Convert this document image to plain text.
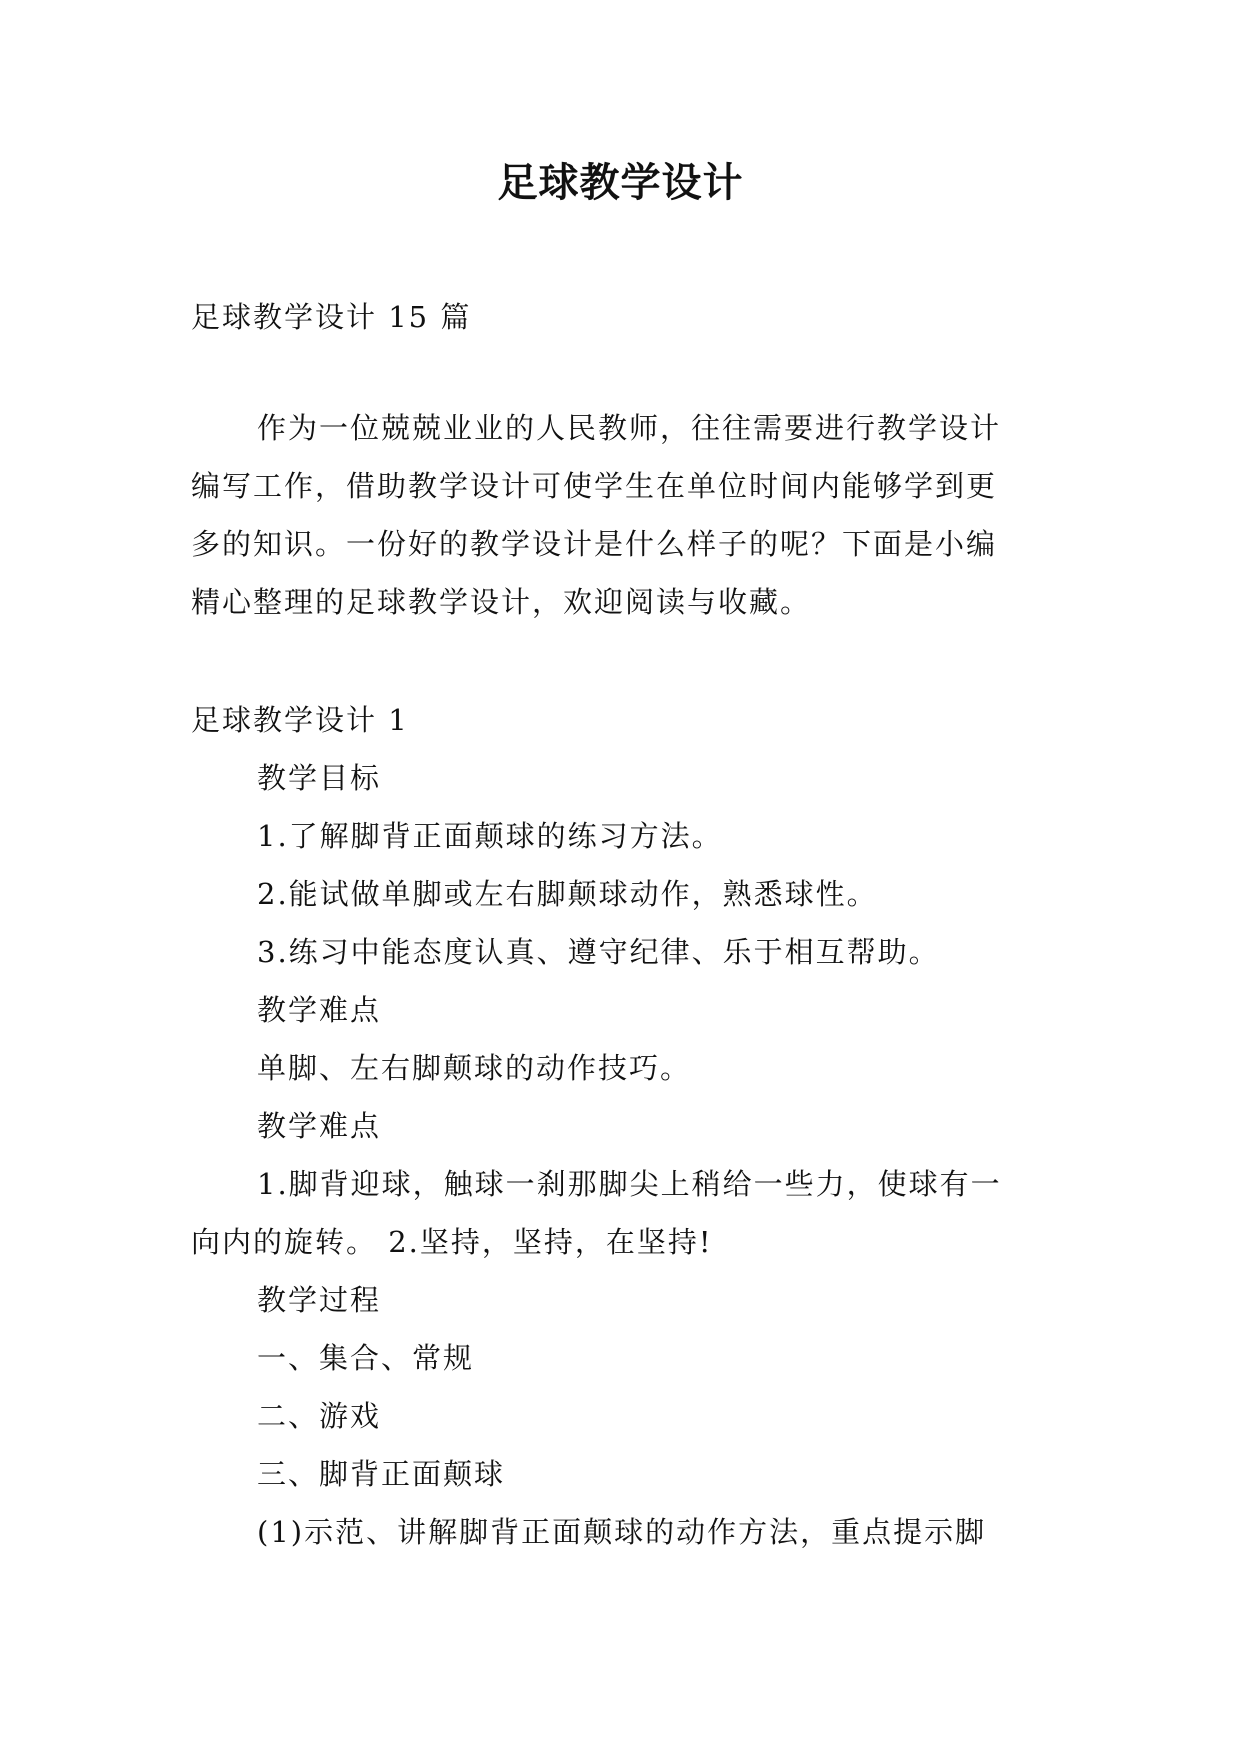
足球教学设计
足球教学设计 15 篇
作为一位兢兢业业的人民教师，往往需要进行教学设计
编写工作，借助教学设计可使学生在单位时间内能够学到更
多的知识。一份好的教学设计是什么样子的呢？下面是小编
精心整理的足球教学设计，欢迎阅读与收藏。
足球教学设计 1
教学目标
1.了解脚背正面颠球的练习方法。
2.能试做单脚或左右脚颠球动作，熟悉球性。
3.练习中能态度认真、遵守纪律、乐于相互帮助。
教学难点
单脚、左右脚颠球的动作技巧。
教学难点
1.脚背迎球，触球一刹那脚尖上稍给一些力，使球有一
向内的旋转。 2.坚持，坚持，在坚持!
教学过程
一、集合、常规
二、游戏
三、脚背正面颠球
(1)示范、讲解脚背正面颠球的动作方法，重点提示脚
